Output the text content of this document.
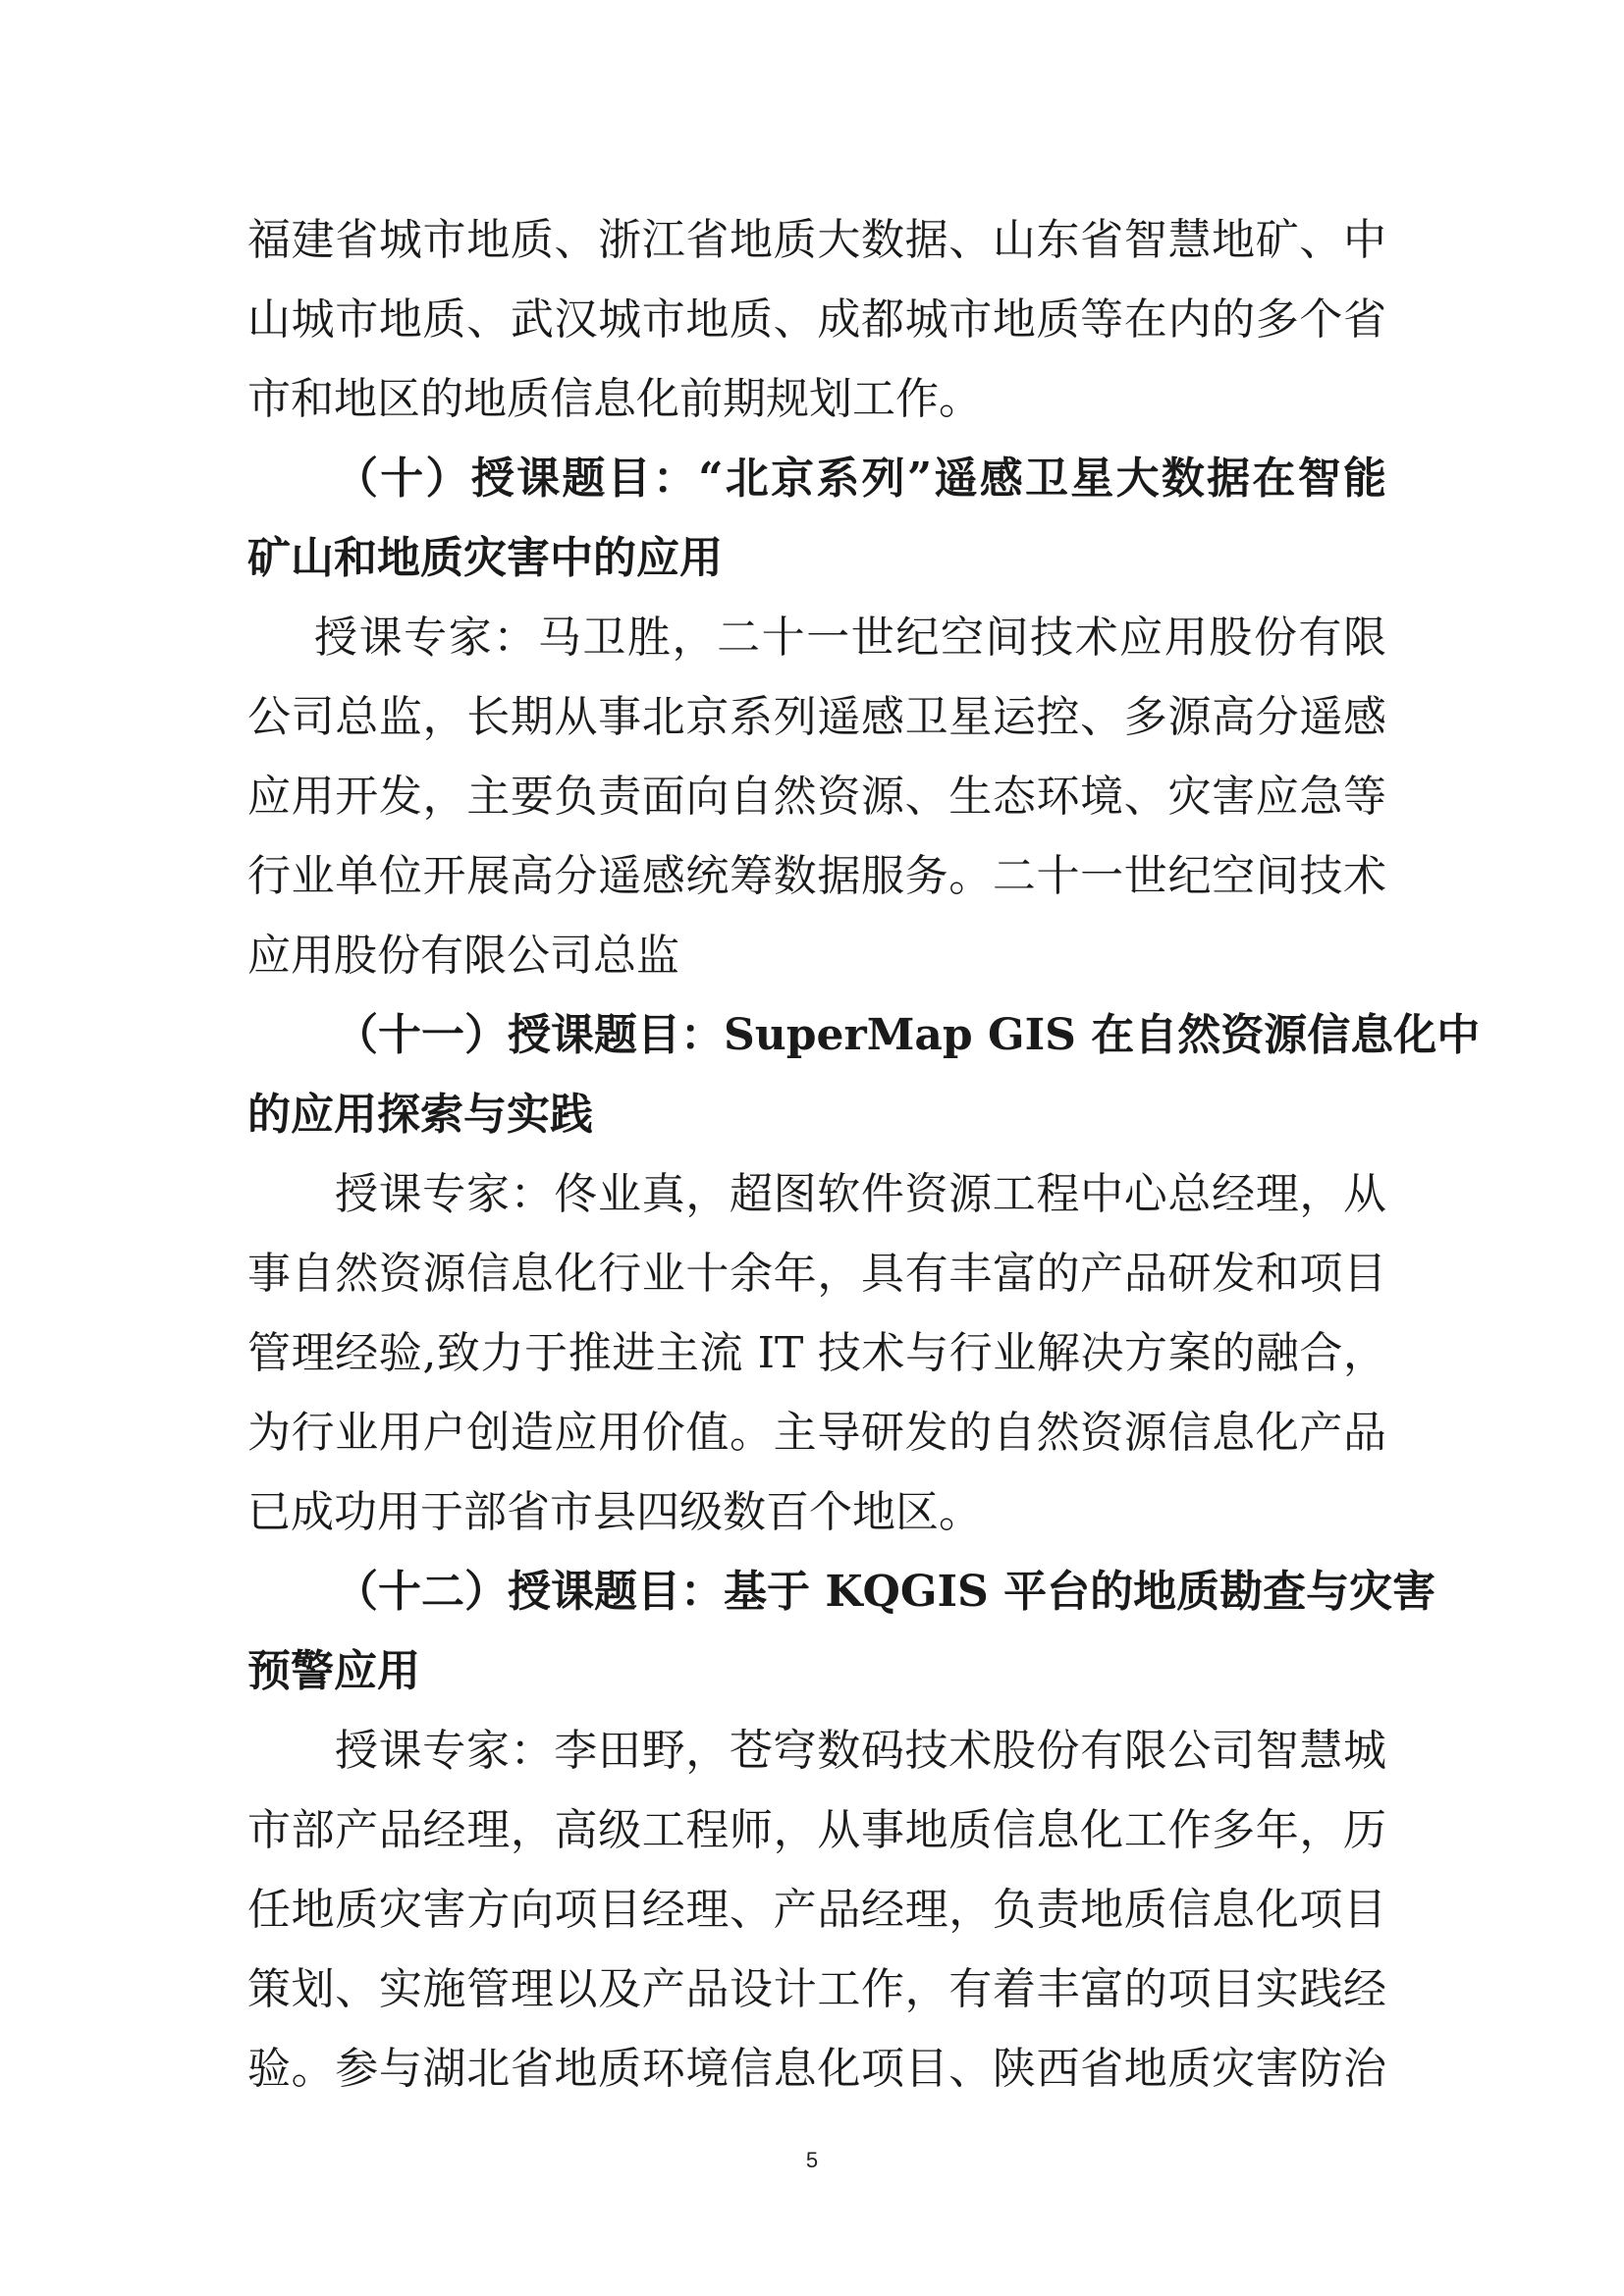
福建省城市地质、浙江省地质大数据、山东省智慧地矿、中
山城市地质、武汉城市地质、成都城市地质等在内的多个省
市和地区的地质信息化前期规划工作。
（十）授课题目：“北京系列”遥感卫星大数据在智能
矿山和地质灾害中的应用
授课专家：马卫胜，二十一世纪空间技术应用股份有限
公司总监，长期从事北京系列遥感卫星运控、多源高分遥感
应用开发，主要负责面向自然资源、生态环境、灾害应急等
行业单位开展高分遥感统筹数据服务。二十一世纪空间技术
应用股份有限公司总监
（十一）授课题目：SuperMap GIS 在自然资源信息化中
的应用探索与实践
授课专家：佟业真，超图软件资源工程中心总经理，从
事自然资源信息化行业十余年，具有丰富的产品研发和项目
管理经验,致力于推进主流 IT 技术与行业解决方案的融合，
为行业用户创造应用价值。主导研发的自然资源信息化产品
已成功用于部省市县四级数百个地区。
（十二）授课题目：基于 KQGIS 平台的地质勘查与灾害
预警应用
授课专家：李田野，苍穹数码技术股份有限公司智慧城
市部产品经理，高级工程师，从事地质信息化工作多年，历
任地质灾害方向项目经理、产品经理，负责地质信息化项目
策划、实施管理以及产品设计工作，有着丰富的项目实践经
验。参与湖北省地质环境信息化项目、陕西省地质灾害防治
5
